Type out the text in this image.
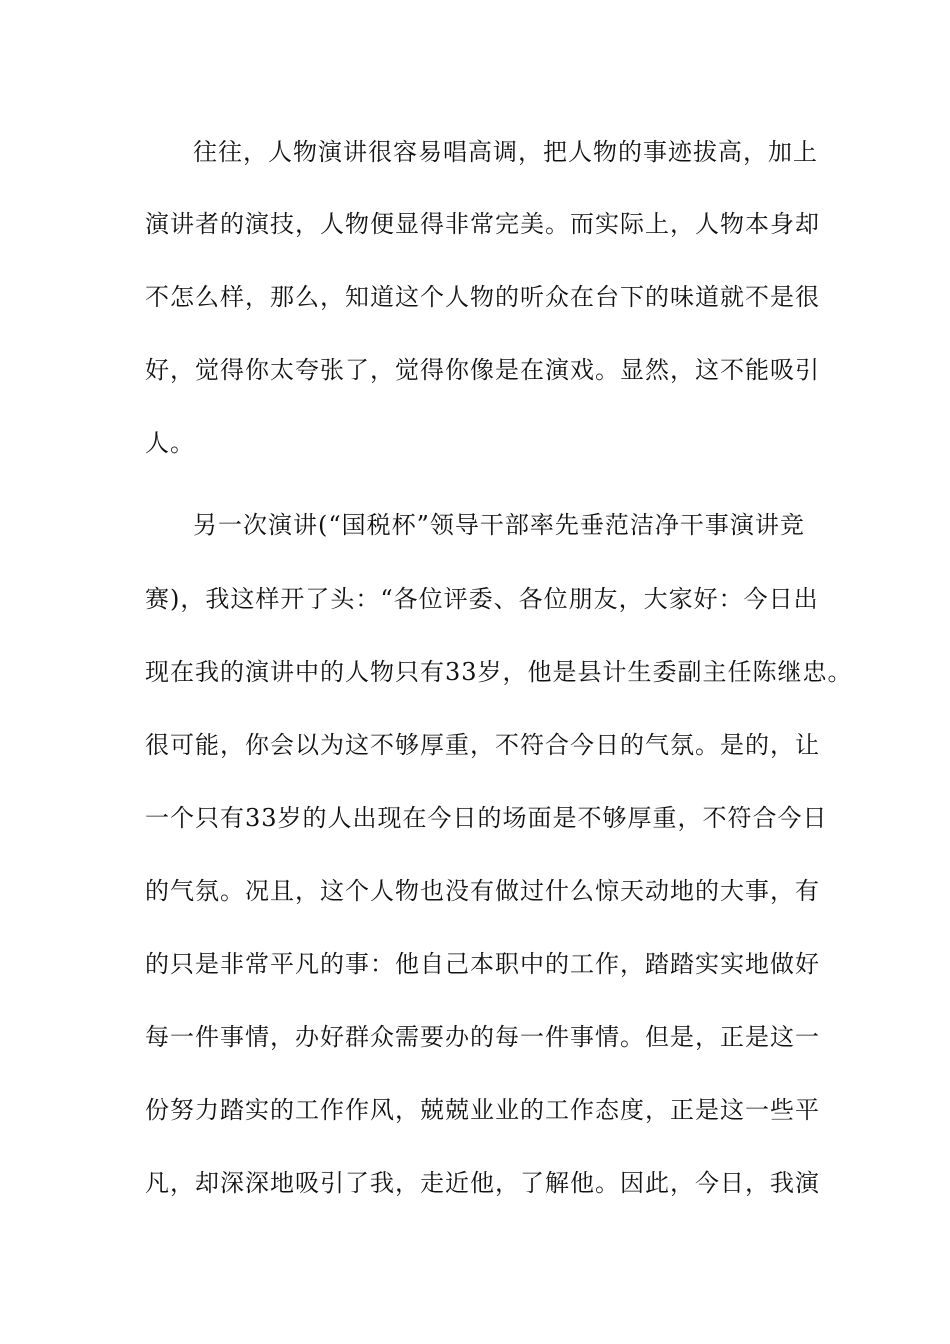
往往，人物演讲很容易唱高调，把人物的事迹拔高，加上
演讲者的演技，人物便显得非常完美。而实际上，人物本身却
不怎么样，那么，知道这个人物的听众在台下的味道就不是很
好，觉得你太夸张了，觉得你像是在演戏。显然，这不能吸引
人。
另一次演讲(“国税杯”领导干部率先垂范洁净干事演讲竞
赛)，我这样开了头：“各位评委、各位朋友，大家好：今日出
现在我的演讲中的人物只有33岁，他是县计生委副主任陈继忠。
很可能，你会以为这不够厚重，不符合今日的气氛。是的，让
一个只有33岁的人出现在今日的场面是不够厚重，不符合今日
的气氛。况且，这个人物也没有做过什么惊天动地的大事，有
的只是非常平凡的事：他自己本职中的工作，踏踏实实地做好
每一件事情，办好群众需要办的每一件事情。但是，正是这一
份努力踏实的工作作风，兢兢业业的工作态度，正是这一些平
凡，却深深地吸引了我，走近他，了解他。因此，今日，我演
